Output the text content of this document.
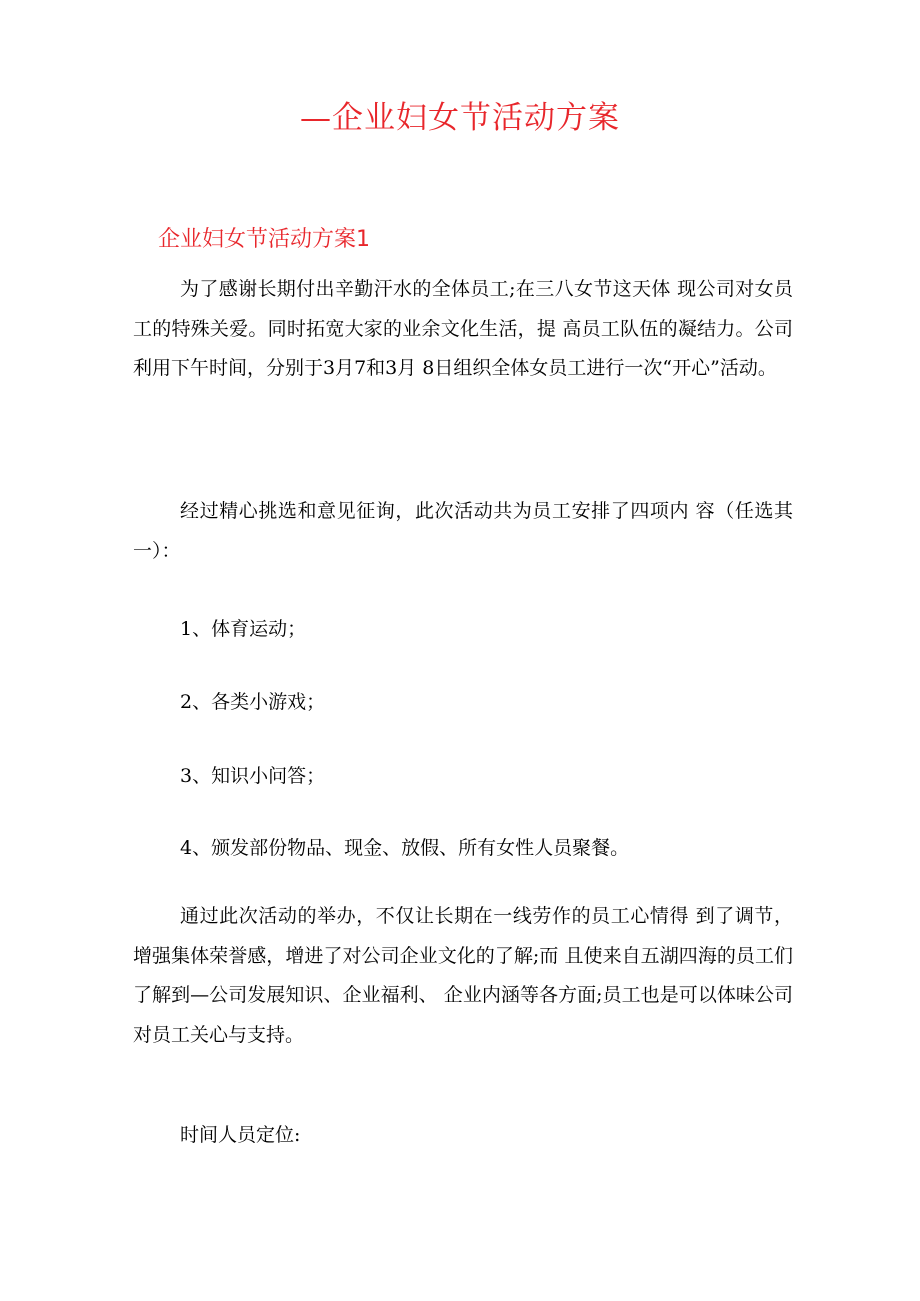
—企业妇女节活动方案
企业妇女节活动方案1

为了感谢长期付出辛勤汗水的全体员工;在三八女节这天体 现公司对女员工的特殊关爱。同时拓宽大家的业余文化生活，提 高员工队伍的凝结力。公司利用下午时间，分别于3月7和3月 8日组织全体女员工进行一次“开心”活动。

经过精心挑选和意见征询，此次活动共为员工安排了四项内 容（任选其一）：

1、体育运动；
2、各类小游戏；
3、知识小问答；
4、颁发部份物品、现金、放假、所有女性人员聚餐。

通过此次活动的举办，不仅让长期在一线劳作的员工心情得 到了调节，增强集体荣誉感，增进了对公司企业文化的了解;而 且使来自五湖四海的员工们了解到—公司发展知识、企业福利、 企业内涵等各方面;员工也是可以体味公司对员工关心与支持。

时间人员定位:
